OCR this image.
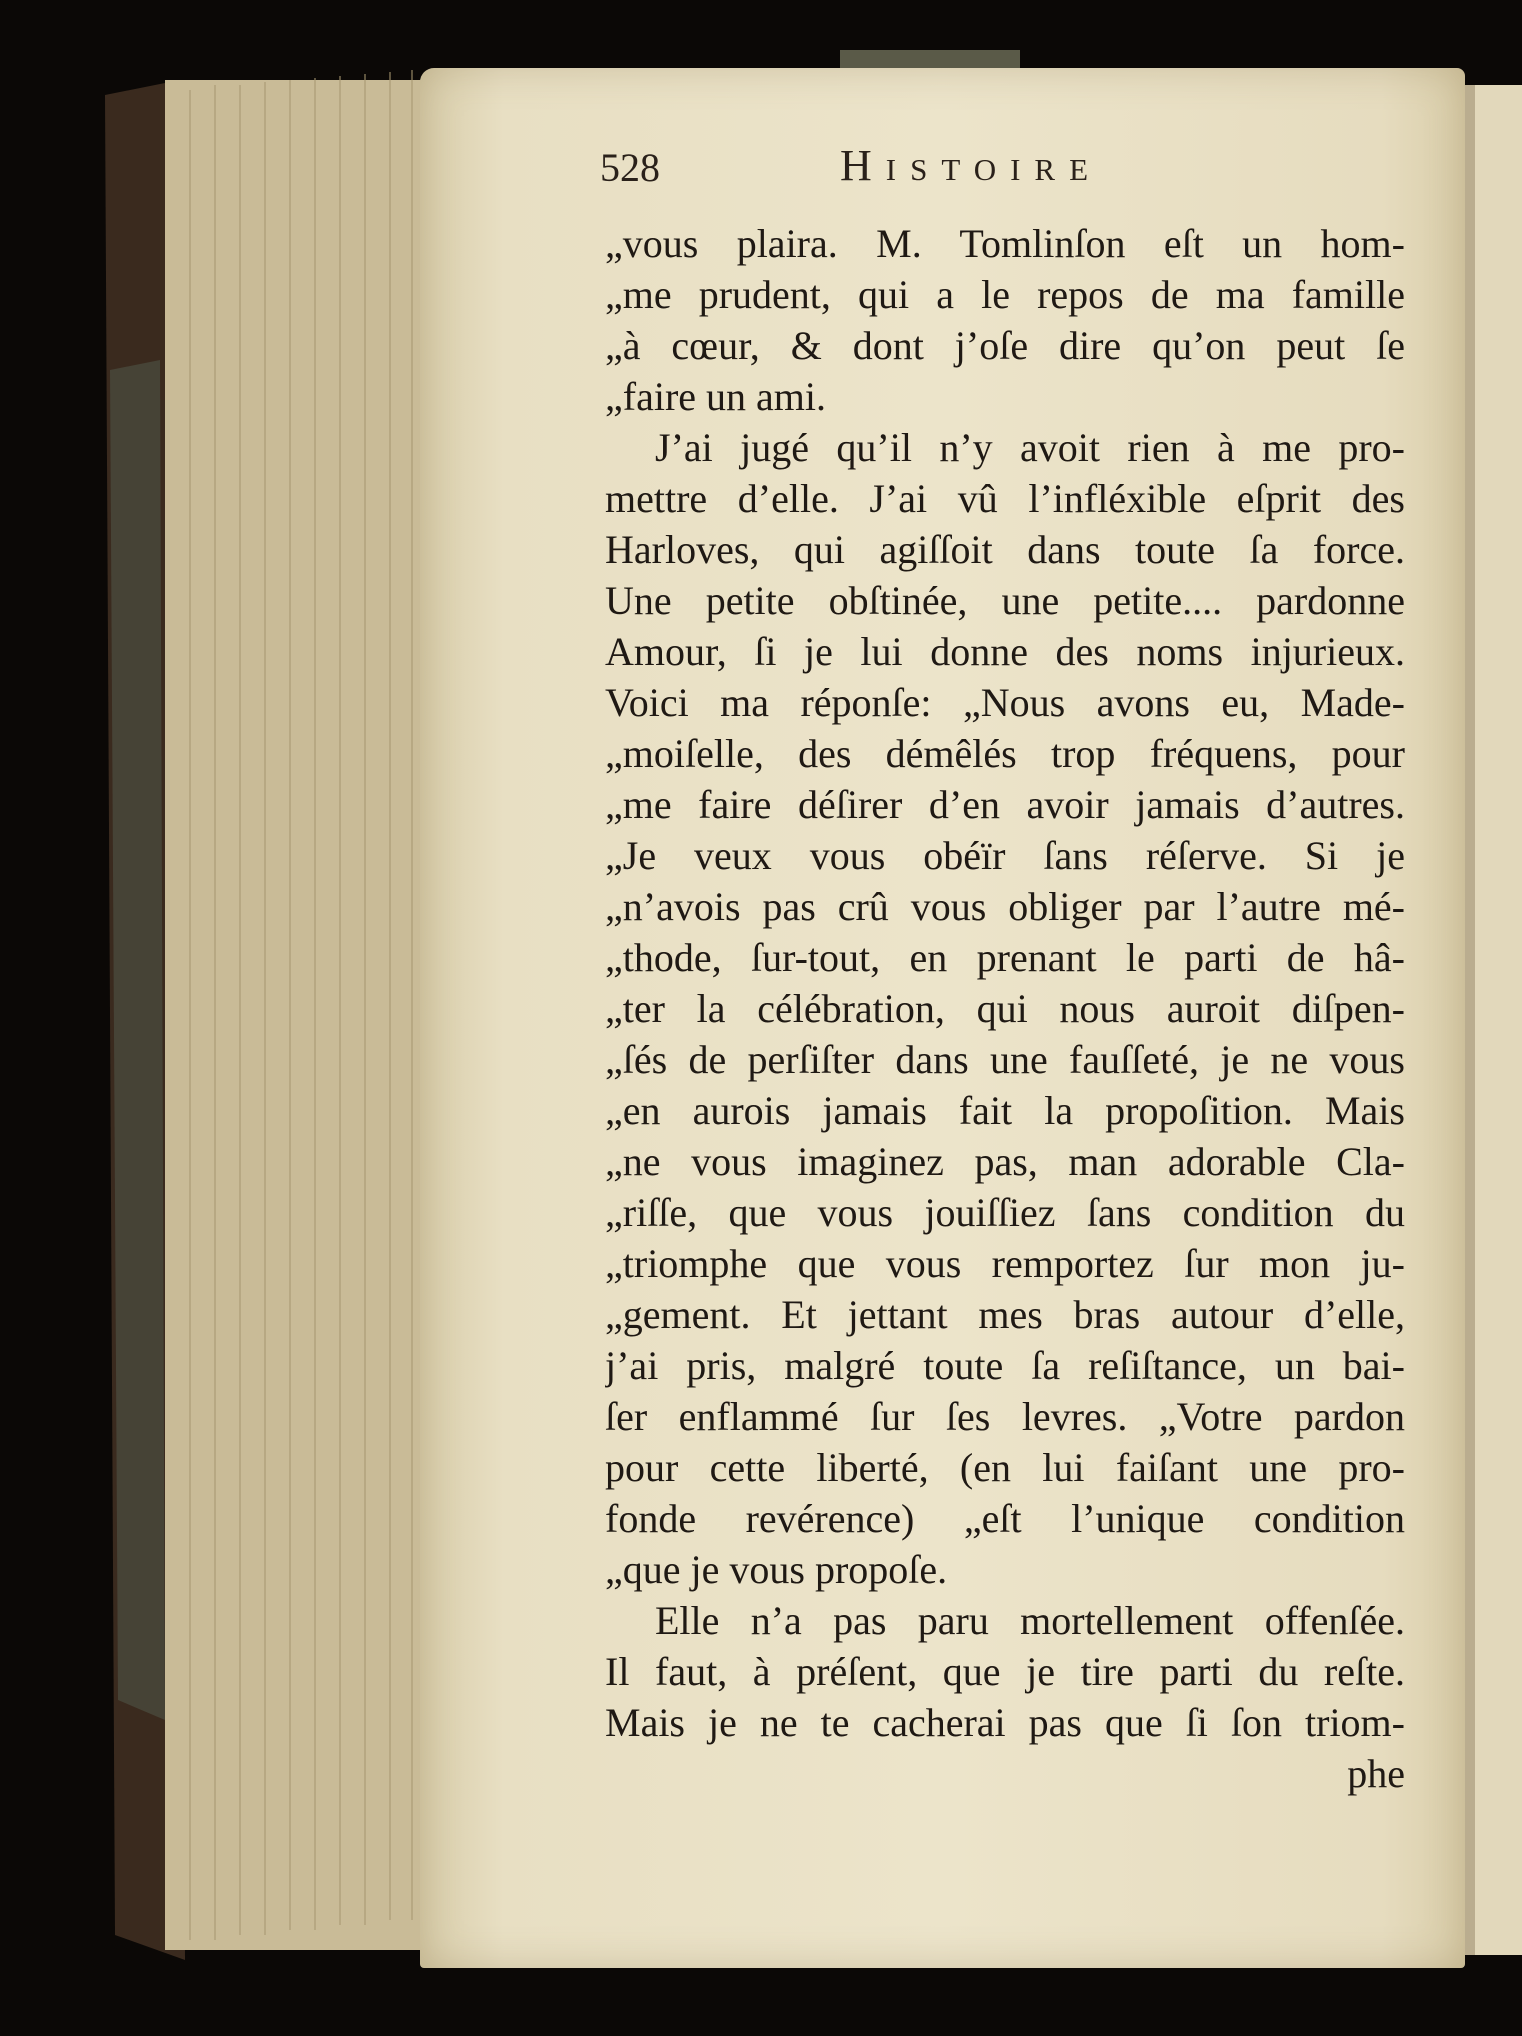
528	Histoire
„vous plaira. M. Tomlinſon eſt un hom-
„me prudent, qui a le repos de ma famille
„à cœur, & dont j’oſe dire qu’on peut ſe
„faire un ami.
J’ai jugé qu’il n’y avoit rien à me pro-
mettre d’elle. J’ai vû l’infléxible eſprit des
Harloves, qui agiſſoit dans toute ſa force.
Une petite obſtinée, une petite.... pardonne
Amour, ſi je lui donne des noms injurieux.
Voici ma réponſe: „Nous avons eu, Made-
„moiſelle, des démêlés trop fréquens, pour
„me faire déſirer d’en avoir jamais d’autres.
„Je veux vous obéïr ſans réſerve. Si je
„n’avois pas crû vous obliger par l’autre mé-
„thode, ſur-tout, en prenant le parti de hâ-
„ter la célébration, qui nous auroit diſpen-
„ſés de perſiſter dans une fauſſeté, je ne vous
„en aurois jamais fait la propoſition. Mais
„ne vous imaginez pas, man adorable Cla-
„riſſe, que vous jouiſſiez ſans condition du
„triomphe que vous remportez ſur mon ju-
„gement. Et jettant mes bras autour d’elle,
j’ai pris, malgré toute ſa reſiſtance, un bai-
ſer enflammé ſur ſes levres. „Votre pardon
pour cette liberté, (en lui faiſant une pro-
fonde revérence) „eſt l’unique condition
„que je vous propoſe.
Elle n’a pas paru mortellement offenſée.
Il faut, à préſent, que je tire parti du reſte.
Mais je ne te cacherai pas que ſi ſon triom-
phe
